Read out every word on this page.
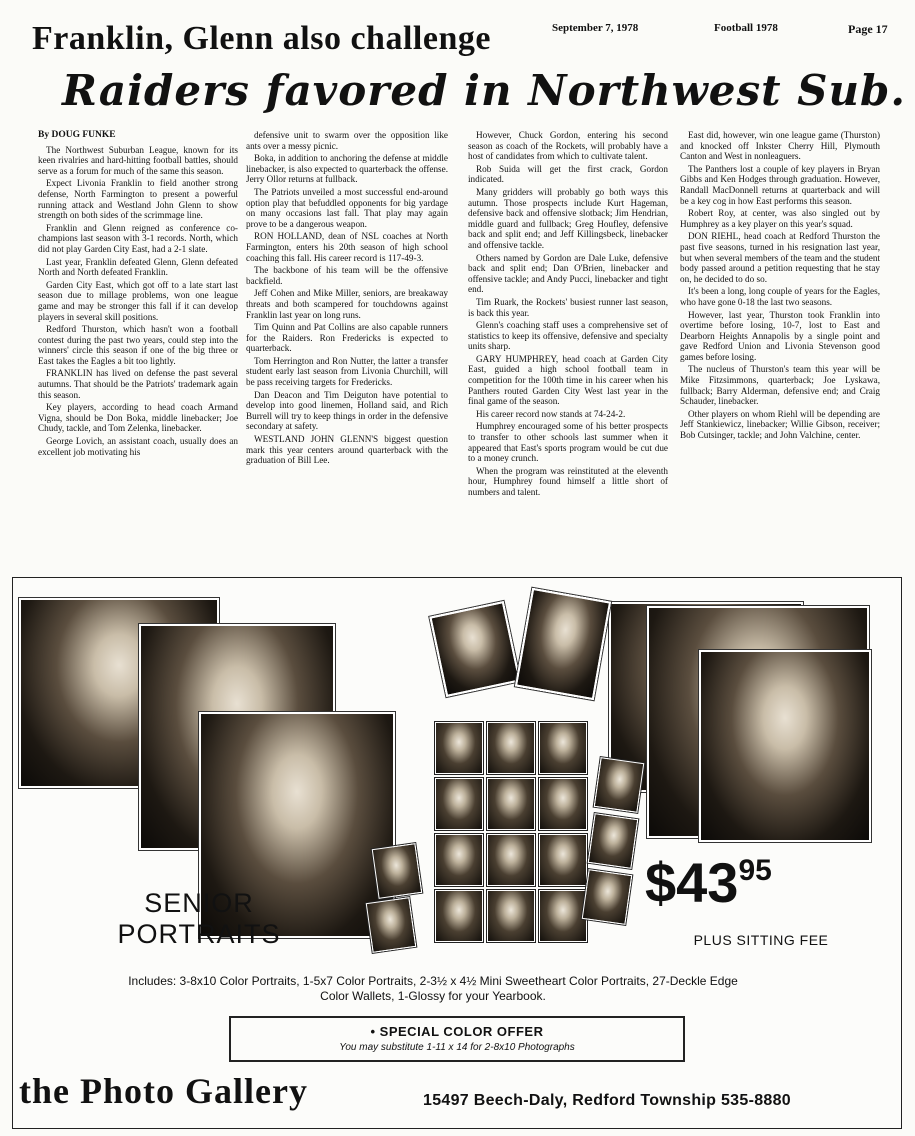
September 7, 1978	Football 1978	Page 17
Franklin, Glenn also challenge
Raiders favored in Northwest Sub.

By DOUG FUNKE

The Northwest Suburban League, known for its keen rivalries and hard-hitting football battles, should serve as a forum for much of the same this season.

Expect Livonia Franklin to field another strong defense, North Farmington to present a powerful running attack and Westland John Glenn to show strength on both sides of the scrimmage line.

Franklin and Glenn reigned as conference co-champions last season with 3-1 records. North, which did not play Garden City East, had a 2-1 slate.

Last year, Franklin defeated Glenn, Glenn defeated North and North defeated Franklin.

Garden City East, which got off to a late start last season due to millage problems, won one league game and may be stronger this fall if it can develop players in several skill positions.

Redford Thurston, which hasn't won a football contest during the past two years, could step into the winners' circle this season if one of the big three or East takes the Eagles a bit too lightly.

FRANKLIN has lived on defense the past several autumns. That should be the Patriots' trademark again this season.

Key players, according to head coach Armand Vigna, should be Don Boka, middle linebacker; Joe Chudy, tackle, and Tom Zelenka, linebacker.

George Lovich, an assistant coach, usually does an excellent job motivating his

defensive unit to swarm over the opposition like ants over a messy picnic.

Boka, in addition to anchoring the defense at middle linebacker, is also expected to quarterback the offense. Jerry Ollor returns at fullback.

The Patriots unveiled a most successful end-around option play that befuddled opponents for big yardage on many occasions last fall. That play may again prove to be a dangerous weapon.

RON HOLLAND, dean of NSL coaches at North Farmington, enters his 20th season of high school coaching this fall. His career record is 117-49-3.

The backbone of his team will be the offensive backfield.

Jeff Cohen and Mike Miller, seniors, are breakaway threats and both scampered for touchdowns against Franklin last year on long runs.

Tim Quinn and Pat Collins are also capable runners for the Raiders. Ron Fredericks is expected to quarterback.

Tom Herrington and Ron Nutter, the latter a transfer student early last season from Livonia Churchill, will be pass receiving targets for Fredericks.

Dan Deacon and Tim Deiguton have potential to develop into good linemen, Holland said, and Rich Burrell will try to keep things in order in the defensive secondary at safety.

WESTLAND JOHN GLENN'S biggest question mark this year centers around quarterback with the graduation of Bill Lee.

However, Chuck Gordon, entering his second season as coach of the Rockets, will probably have a host of candidates from which to cultivate talent.

Rob Suida will get the first crack, Gordon indicated.

Many gridders will probably go both ways this autumn. Those prospects include Kurt Hageman, defensive back and offensive slotback; Jim Hendrian, middle guard and fullback; Greg Houfley, defensive back and split end; and Jeff Killingsbeck, linebacker and offensive tackle.

Others named by Gordon are Dale Luke, defensive back and split end; Dan O'Brien, linebacker and offensive tackle; and Andy Pucci, linebacker and tight end.

Tim Ruark, the Rockets' busiest runner last season, is back this year.

Glenn's coaching staff uses a comprehensive set of statistics to keep its offensive, defensive and specialty units sharp.

GARY HUMPHREY, head coach at Garden City East, guided a high school football team in competition for the 100th time in his career when his Panthers routed Garden City West last year in the final game of the season.

His career record now stands at 74-24-2.

Humphrey encouraged some of his better prospects to transfer to other schools last summer when it appeared that East's sports program would be cut due to a money crunch.

When the program was reinstituted at the eleventh hour, Humphrey found himself a little short of numbers and talent.

East did, however, win one league game (Thurston) and knocked off Inkster Cherry Hill, Plymouth Canton and West in nonleaguers.

The Panthers lost a couple of key players in Bryan Gibbs and Ken Hodges through graduation. However, Randall MacDonnell returns at quarterback and will be a key cog in how East performs this season.

Robert Roy, at center, was also singled out by Humphrey as a key player on this year's squad.

DON RIEHL, head coach at Redford Thurston the past five seasons, turned in his resignation last year, but when several members of the team and the student body passed around a petition requesting that he stay on, he decided to do so.

It's been a long, long couple of years for the Eagles, who have gone 0-18 the last two seasons.

However, last year, Thurston took Franklin into overtime before losing, 10-7, lost to East and Dearborn Heights Annapolis by a single point and gave Redford Union and Livonia Stevenson good games before losing.

The nucleus of Thurston's team this year will be Mike Fitzsimmons, quarterback; Joe Lyskawa, fullback; Barry Alderman, defensive end; and Craig Schauder, linebacker.

Other players on whom Riehl will be depending are Jeff Stankiewicz, linebacker; Willie Gibson, receiver; Bob Cutsinger, tackle; and John Valchine, center.

SENIOR
PORTRAITS
$\$43^{95}$
PLUS SITTING FEE
Includes: 3-8x10 Color Portraits, 1-5x7 Color Portraits, 2-3½ x 4½ Mini Sweetheart Color Portraits, 27-Deckle Edge Color Wallets, 1-Glossy for your Yearbook.
• SPECIAL COLOR OFFER
You may substitute 1-11 x 14 for 2-8x10 Photographs
the Photo Gallery	15497 Beech-Daly, Redford Township 535-8880
